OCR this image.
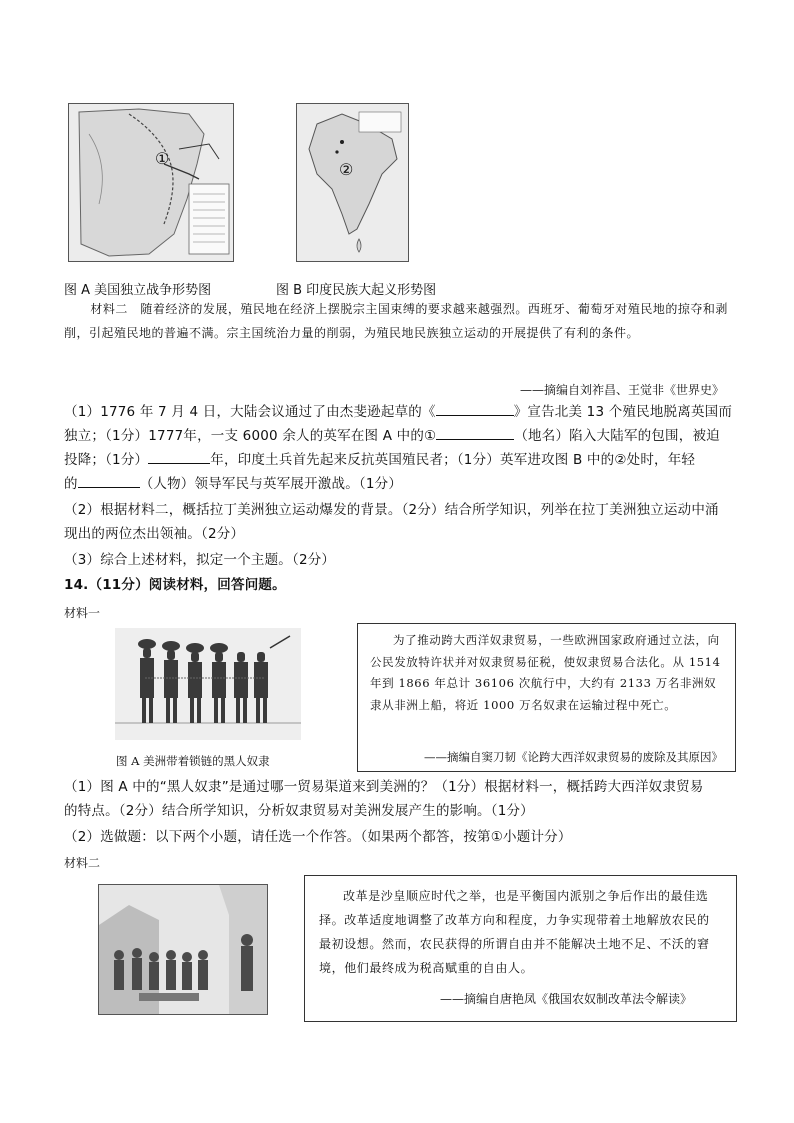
①
②
图 A 美国独立战争形势图	图 B 印度民族大起义形势图
材料二　随着经济的发展，殖民地在经济上摆脱宗主国束缚的要求越来越强烈。西班牙、葡萄牙对殖民地的掠夺和剥削，引起殖民地的普遍不满。宗主国统治力量的削弱，为殖民地民族独立运动的开展提供了有利的条件。
——摘编自刘祚昌、王觉非《世界史》
（1）1776 年 7 月 4 日，大陆会议通过了由杰斐逊起草的《	》宣告北美 13 个殖民地脱离英国而
独立；（1分）1777年，一支 6000 余人的英军在图 A 中的①	（地名）陷入大陆军的包围，被迫
投降；（1分）	年，印度土兵首先起来反抗英国殖民者；（1分）英军进攻图 B 中的②处时，年轻
的	（人物）领导军民与英军展开激战。（1分）
（2）根据材料二，概括拉丁美洲独立运动爆发的背景。（2分）结合所学知识，列举在拉丁美洲独立运动中涌
现出的两位杰出领袖。（2分）
（3）综合上述材料，拟定一个主题。（2分）
14.（11分）阅读材料，回答问题。
材料一
图 A 美洲带着锁链的黑人奴隶
为了推动跨大西洋奴隶贸易，一些欧洲国家政府通过立法，向公民发放特许状并对奴隶贸易征税，使奴隶贸易合法化。从 1514 年到 1866 年总计 36106 次航行中，大约有 2133 万名非洲奴隶从非洲上船，将近 1000 万名奴隶在运输过程中死亡。
——摘编自窦刀韧《论跨大西洋奴隶贸易的废除及其原因》
（1）图 A 中的“黑人奴隶”是通过哪一贸易渠道来到美洲的？（1分）根据材料一，概括跨大西洋奴隶贸易
的特点。（2分）结合所学知识，分析奴隶贸易对美洲发展产生的影响。（1分）
（2）选做题：以下两个小题，请任选一个作答。（如果两个都答，按第①小题计分）
材料二
改革是沙皇顺应时代之举，也是平衡国内派别之争后作出的最佳选择。改革适度地调整了改革方向和程度，力争实现带着土地解放农民的最初设想。然而，农民获得的所谓自由并不能解决土地不足、不沃的窘境，他们最终成为税高赋重的自由人。
——摘编自唐艳凤《俄国农奴制改革法令解读》
